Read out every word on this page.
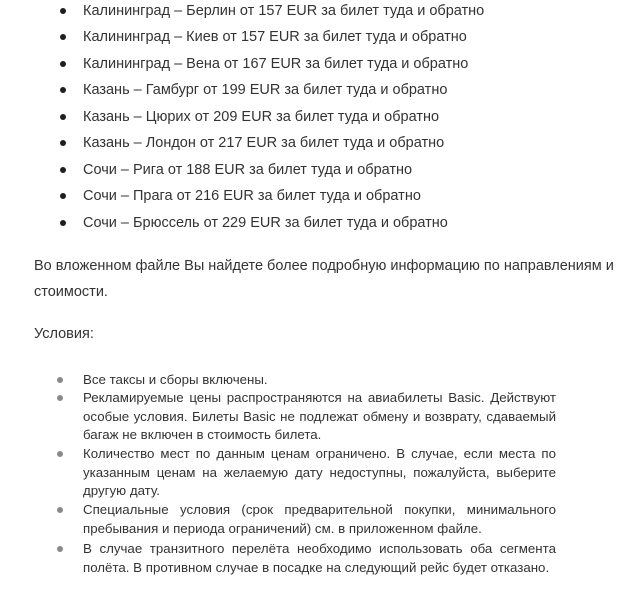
Калининград – Берлин от 157 EUR за билет туда и обратно
Калининград – Киев от 157 EUR за билет туда и обратно
Калининград – Вена от 167 EUR за билет туда и обратно
Казань – Гамбург от 199 EUR за билет туда и обратно
Казань – Цюрих от 209 EUR за билет туда и обратно
Казань – Лондон от 217 EUR за билет туда и обратно
Сочи – Рига от 188 EUR за билет туда и обратно
Сочи – Прага от 216 EUR за билет туда и обратно
Сочи – Брюссель от 229 EUR за билет туда и обратно

Во вложенном файле Вы найдете более подробную информацию по направлениям и стоимости.

Условия:

Все таксы и сборы включены.
Рекламируемые цены распространяются на авиабилеты Basic. Действуют особые условия. Билеты Basic не подлежат обмену и возврату, сдаваемый багаж не включен в стоимость билета.
Количество мест по данным ценам ограничено. В случае, если места по указанным ценам на желаемую дату недоступны, пожалуйста, выберите другую дату.
Специальные условия (срок предварительной покупки, минимального пребывания и периода ограничений) см. в приложенном файле.
В случае транзитного перелёта необходимо использовать оба сегмента полёта. В противном случае в посадке на следующий рейс будет отказано.
